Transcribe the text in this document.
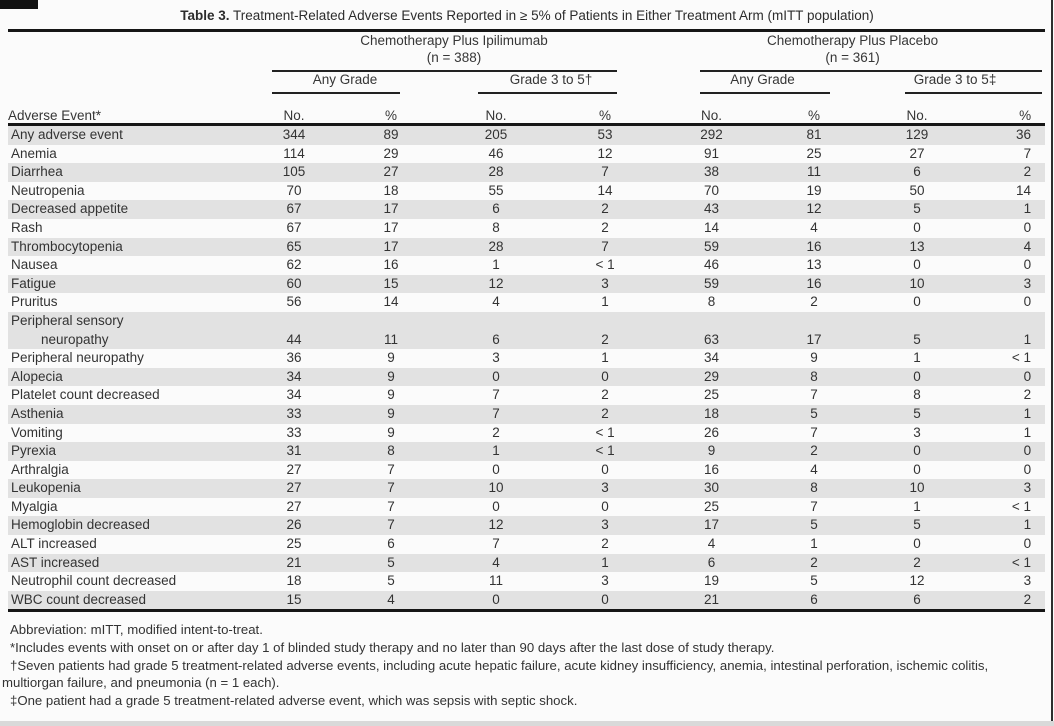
Table 3. Treatment-Related Adverse Events Reported in ≥ 5% of Patients in Either Treatment Arm (mITT population)
Adverse Event*	
Chemotherapy Plus Ipilimumab
(n = 388)

Chemotherapy Plus Placebo
(n = 361)

	Any Grade		Grade 3 to 5†		Any Grade		Grade 3 to 5‡	

	No.	%	No.	%	No.	%	No.	%
Any adverse event	344	89	205	53	292	81	129	36
Anemia	114	29	46	12	91	25	27	7
Diarrhea	105	27	28	7	38	11	6	2
Neutropenia	70	18	55	14	70	19	50	14
Decreased appetite	67	17	6	2	43	12	5	1
Rash	67	17	8	2	14	4	0	0
Thrombocytopenia	65	17	28	7	59	16	13	4
Nausea	62	16	1	< 1	46	13	0	0
Fatigue	60	15	12	3	59	16	10	3
Pruritus	56	14	4	1	8	2	0	0

Peripheral sensory
neuropathy	44	11	6	2	63	17	5	1
Peripheral neuropathy	36	9	3	1	34	9	1	< 1
Alopecia	34	9	0	0	29	8	0	0
Platelet count decreased	34	9	7	2	25	7	8	2
Asthenia	33	9	7	2	18	5	5	1
Vomiting	33	9	2	< 1	26	7	3	1
Pyrexia	31	8	1	< 1	9	2	0	0
Arthralgia	27	7	0	0	16	4	0	0
Leukopenia	27	7	10	3	30	8	10	3
Myalgia	27	7	0	0	25	7	1	< 1
Hemoglobin decreased	26	7	12	3	17	5	5	1
ALT increased	25	6	7	2	4	1	0	0
AST increased	21	5	4	1	6	2	2	< 1
Neutrophil count decreased	18	5	11	3	19	5	12	3
WBC count decreased	15	4	0	0	21	6	6	2

Abbreviation: mITT, modified intent-to-treat.

*Includes events with onset on or after day 1 of blinded study therapy and no later than 90 days after the last dose of study therapy.

†Seven patients had grade 5 treatment-related adverse events, including acute hepatic failure, acute kidney insufficiency, anemia, intestinal perforation, ischemic colitis, multiorgan failure, and pneumonia (n = 1 each).

‡One patient had a grade 5 treatment-related adverse event, which was sepsis with septic shock.
